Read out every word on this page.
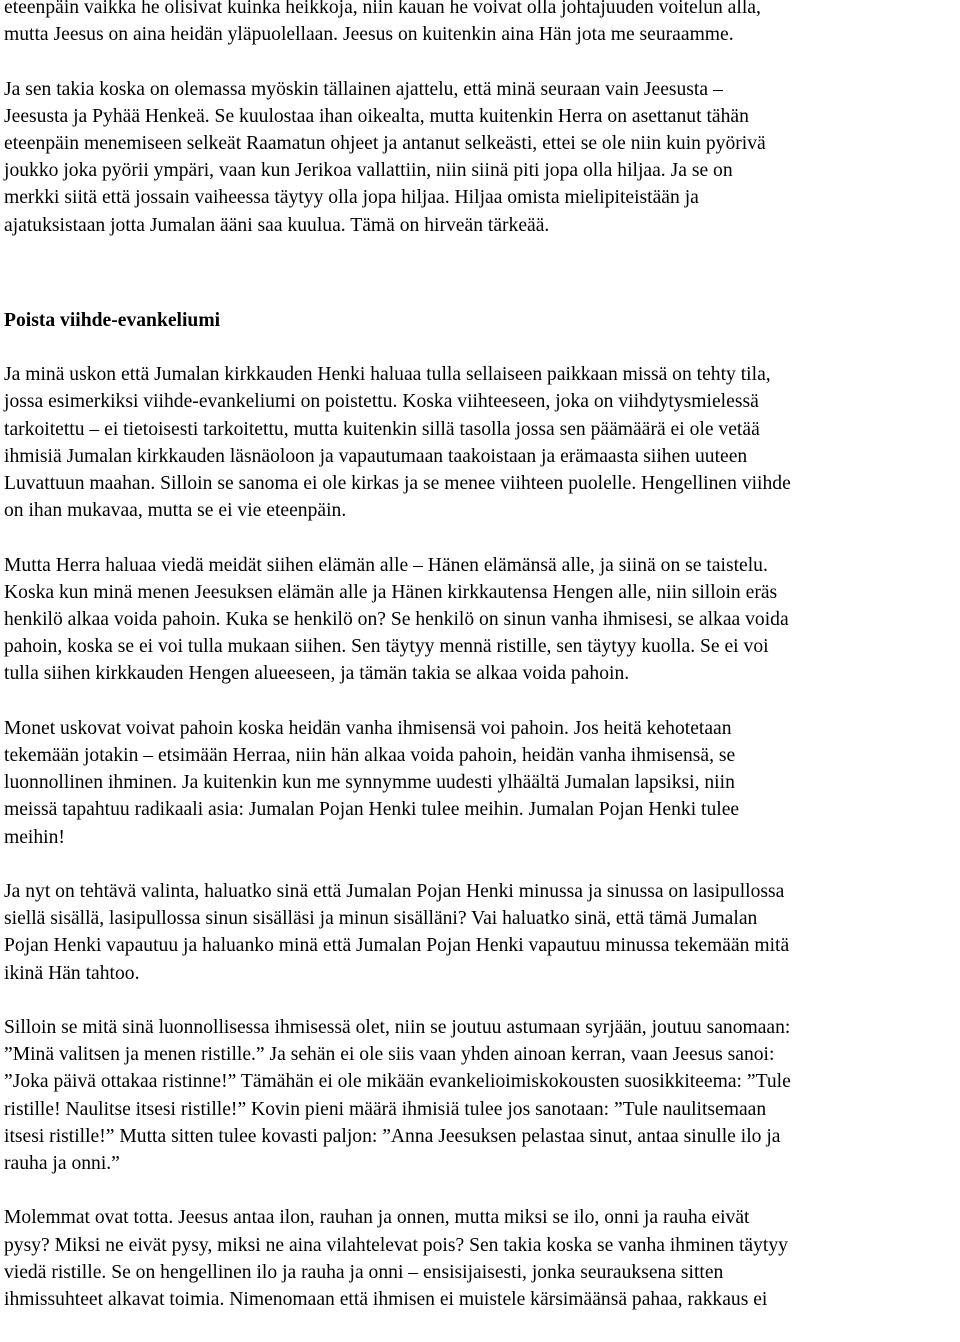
eteenpäin vaikka he olisivat kuinka heikkoja, niin kauan he voivat olla johtajuuden voitelun alla,

mutta Jeesus on aina heidän yläpuolellaan. Jeesus on kuitenkin aina Hän jota me seuraamme.

Ja sen takia koska on olemassa myöskin tällainen ajattelu, että minä seuraan vain Jeesusta –

Jeesusta ja Pyhää Henkeä. Se kuulostaa ihan oikealta, mutta kuitenkin Herra on asettanut tähän

eteenpäin menemiseen selkeät Raamatun ohjeet ja antanut selkeästi, ettei se ole niin kuin pyörivä

joukko joka pyörii ympäri, vaan kun Jerikoa vallattiin, niin siinä piti jopa olla hiljaa. Ja se on

merkki siitä että jossain vaiheessa täytyy olla jopa hiljaa. Hiljaa omista mielipiteistään ja

ajatuksistaan jotta Jumalan ääni saa kuulua. Tämä on hirveän tärkeää.

Poista viihde-evankeliumi

Ja minä uskon että Jumalan kirkkauden Henki haluaa tulla sellaiseen paikkaan missä on tehty tila,

jossa esimerkiksi viihde-evankeliumi on poistettu. Koska viihteeseen, joka on viihdytysmielessä

tarkoitettu – ei tietoisesti tarkoitettu, mutta kuitenkin sillä tasolla jossa sen päämäärä ei ole vetää

ihmisiä Jumalan kirkkauden läsnäoloon ja vapautumaan taakoistaan ja erämaasta siihen uuteen

Luvattuun maahan. Silloin se sanoma ei ole kirkas ja se menee viihteen puolelle. Hengellinen viihde

on ihan mukavaa, mutta se ei vie eteenpäin.

Mutta Herra haluaa viedä meidät siihen elämän alle – Hänen elämänsä alle, ja siinä on se taistelu.

Koska kun minä menen Jeesuksen elämän alle ja Hänen kirkkautensa Hengen alle, niin silloin eräs

henkilö alkaa voida pahoin. Kuka se henkilö on? Se henkilö on sinun vanha ihmisesi, se alkaa voida

pahoin, koska se ei voi tulla mukaan siihen. Sen täytyy mennä ristille, sen täytyy kuolla. Se ei voi

tulla siihen kirkkauden Hengen alueeseen, ja tämän takia se alkaa voida pahoin.

Monet uskovat voivat pahoin koska heidän vanha ihmisensä voi pahoin. Jos heitä kehotetaan

tekemään jotakin – etsimään Herraa, niin hän alkaa voida pahoin, heidän vanha ihmisensä, se

luonnollinen ihminen. Ja kuitenkin kun me synnymme uudesti ylhäältä Jumalan lapsiksi, niin

meissä tapahtuu radikaali asia: Jumalan Pojan Henki tulee meihin. Jumalan Pojan Henki tulee

meihin!

Ja nyt on tehtävä valinta, haluatko sinä että Jumalan Pojan Henki minussa ja sinussa on lasipullossa

siellä sisällä, lasipullossa sinun sisälläsi ja minun sisälläni? Vai haluatko sinä, että tämä Jumalan

Pojan Henki vapautuu ja haluanko minä että Jumalan Pojan Henki vapautuu minussa tekemään mitä

ikinä Hän tahtoo.

Silloin se mitä sinä luonnollisessa ihmisessä olet, niin se joutuu astumaan syrjään, joutuu sanomaan:

”Minä valitsen ja menen ristille.” Ja sehän ei ole siis vaan yhden ainoan kerran, vaan Jeesus sanoi:

”Joka päivä ottakaa ristinne!” Tämähän ei ole mikään evankelioimiskokousten suosikkiteema: ”Tule

ristille! Naulitse itsesi ristille!” Kovin pieni määrä ihmisiä tulee jos sanotaan: ”Tule naulitsemaan

itsesi ristille!” Mutta sitten tulee kovasti paljon: ”Anna Jeesuksen pelastaa sinut, antaa sinulle ilo ja

rauha ja onni.”

Molemmat ovat totta. Jeesus antaa ilon, rauhan ja onnen, mutta miksi se ilo, onni ja rauha eivät

pysy? Miksi ne eivät pysy, miksi ne aina vilahtelevat pois? Sen takia koska se vanha ihminen täytyy

viedä ristille. Se on hengellinen ilo ja rauha ja onni – ensisijaisesti, jonka seurauksena sitten

ihmissuhteet alkavat toimia. Nimenomaan että ihmisen ei muistele kärsimäänsä pahaa, rakkaus ei
